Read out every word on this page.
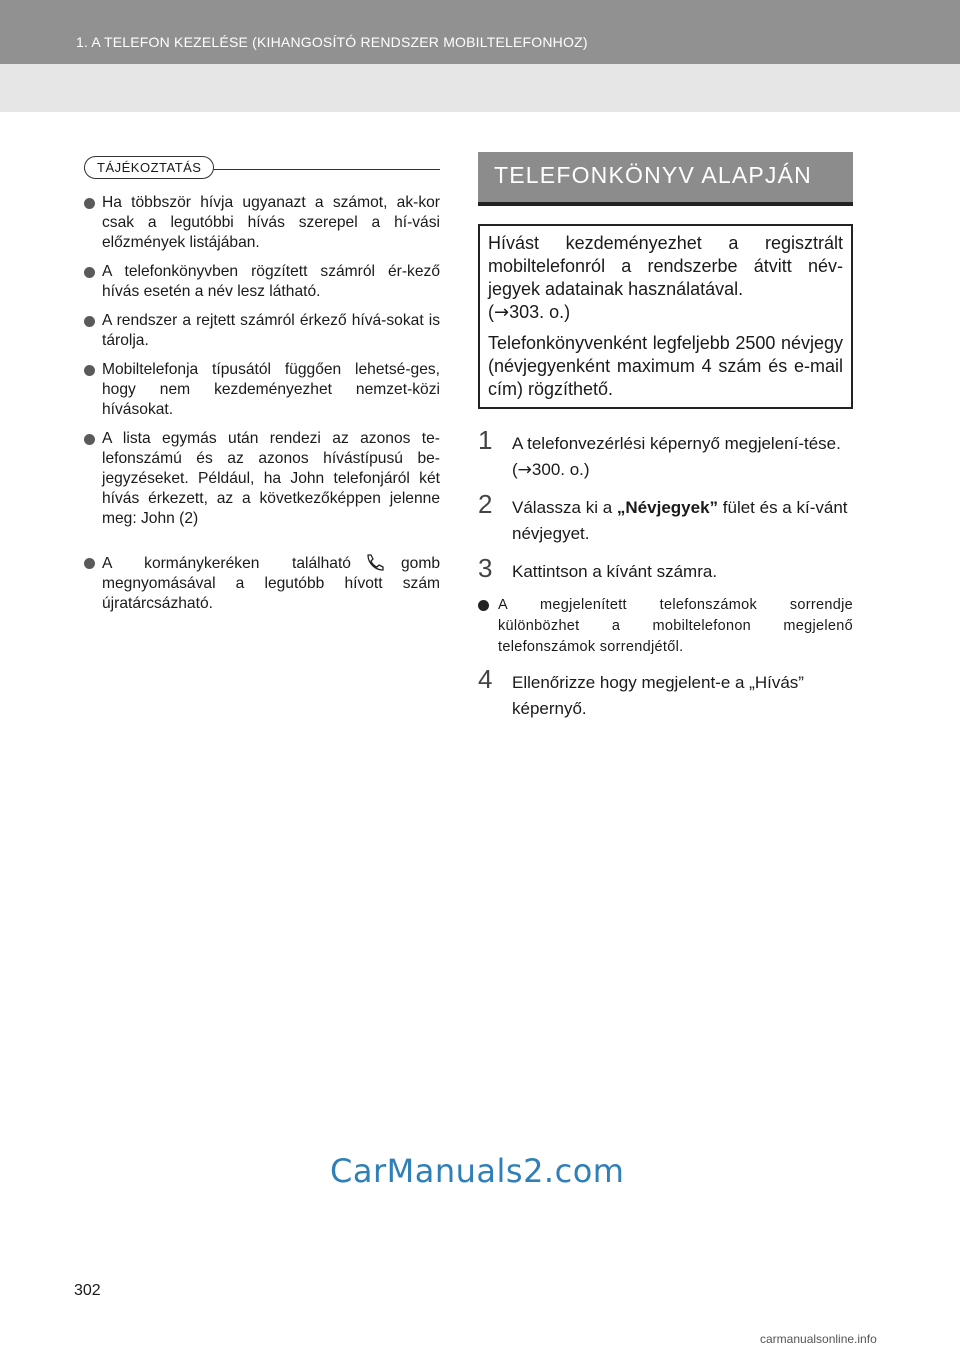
1. A TELEFON KEZELÉSE (KIHANGOSÍTÓ RENDSZER MOBILTELEFONHOZ)
TÁJÉKOZTATÁS
Ha többször hívja ugyanazt a számot, ak-kor csak a legutóbbi hívás szerepel a hí-vási előzmények listájában.
A telefonkönyvben rögzített számról ér-kező hívás esetén a név lesz látható.
A rendszer a rejtett számról érkező hívá-sokat is tárolja.
Mobiltelefonja típusától függően lehetsé-ges, hogy nem kezdeményezhet nemzet-közi hívásokat.
A lista egymás után rendezi az azonos te-lefonszámú és az azonos hívástípusú be-jegyzéseket. Például, ha John telefonjáról két hívás érkezett, az a következőképpen jelenne meg: John (2)
A kormánykeréken található	gomb megnyomásával a legutóbb hívott szám újratárcsázható.
TELEFONKÖNYV ALAPJÁN

Hívást kezdeményezhet a regisztrált mobiltelefonról a rendszerbe átvitt név-jegyek adatainak használatával.
(→303. o.)

Telefonkönyvenként legfeljebb 2500 névjegy (névjegyenként maximum 4 szám és e-mail cím) rögzíthető.

1 A telefonvezérlési képernyő megjelení-tése. (→300. o.)
2 Válassza ki a „Névjegyek” fület és a kí-vánt névjegyet.
3 Kattintson a kívánt számra.
A megjelenített telefonszámok sorrendje különbözhet a mobiltelefonon megjelenő telefonszámok sorrendjétől.
4 Ellenőrizze hogy megjelent-e a „Hívás” képernyő.
CarManuals2.com
302
carmanualsonline.info
